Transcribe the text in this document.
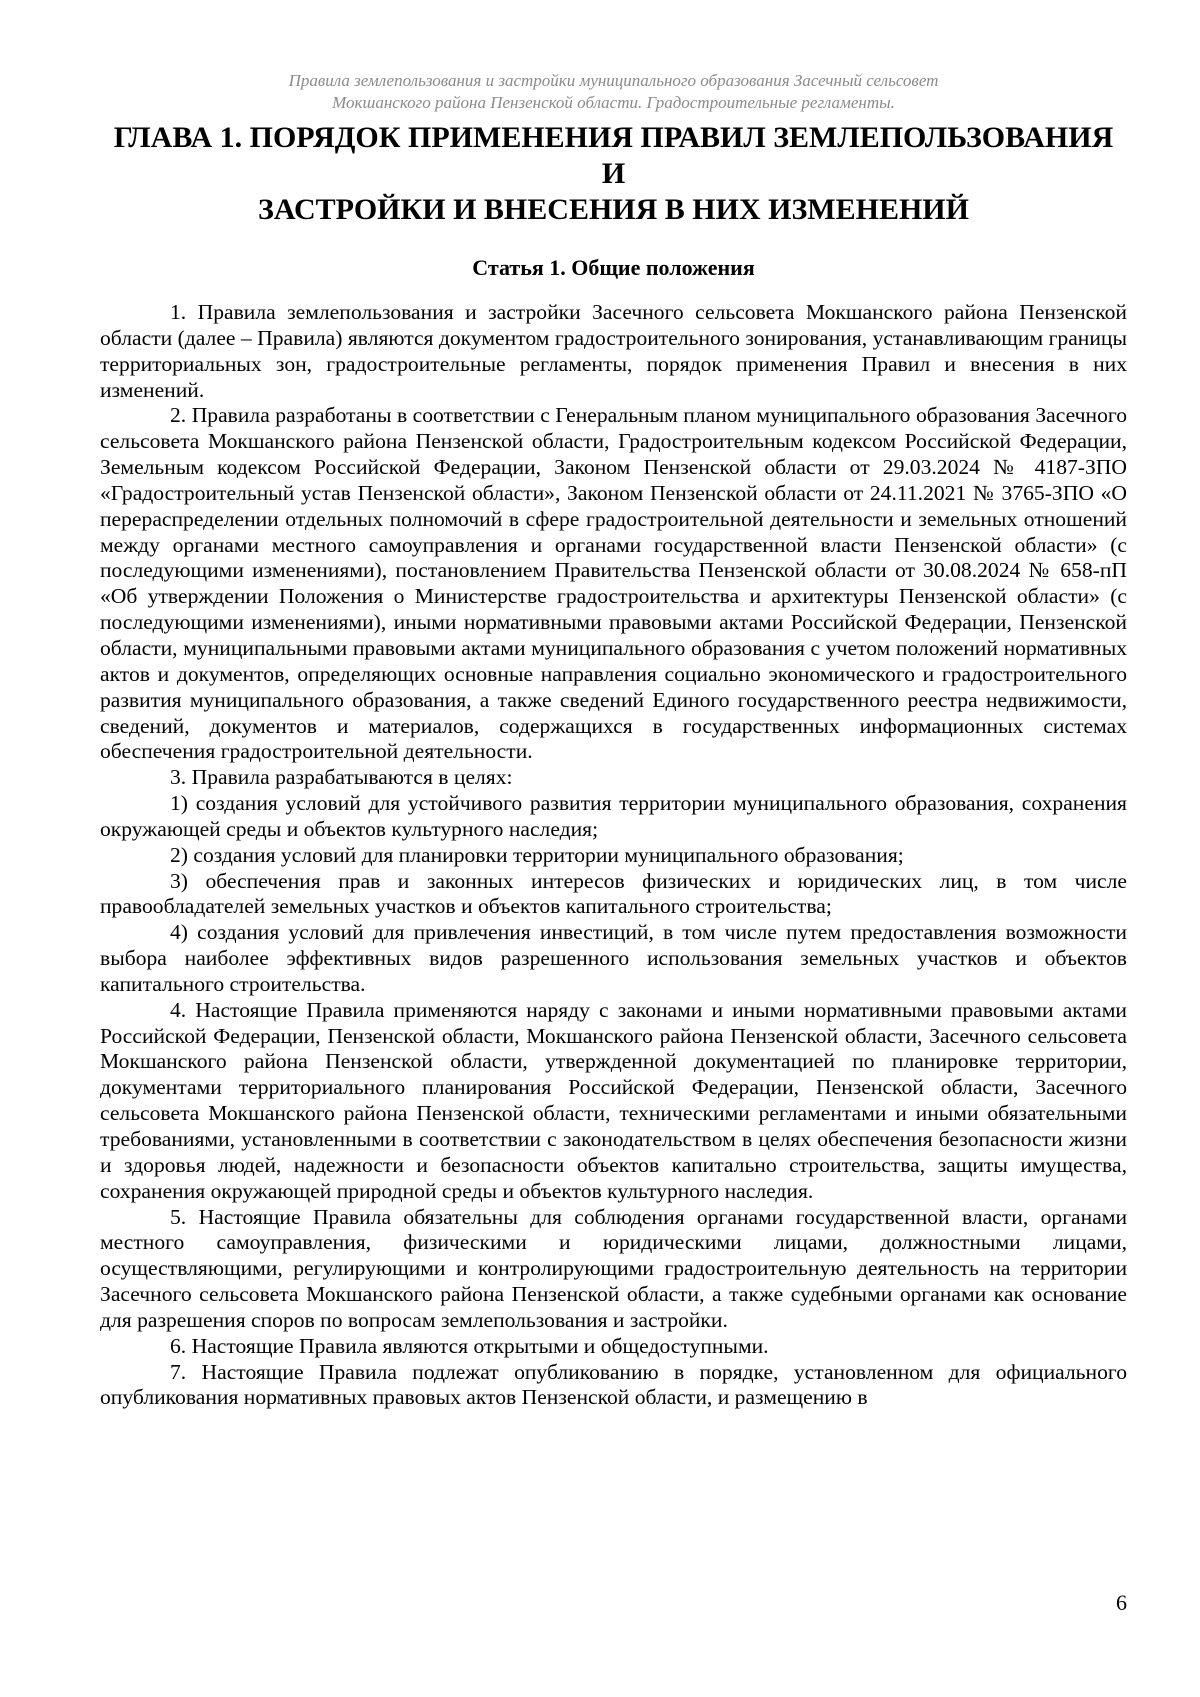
Правила землепользования и застройки муниципального образования Засечный сельсовет

Мокшанского района Пензенской области. Градостроительные регламенты.

ГЛАВА 1. ПОРЯДОК ПРИМЕНЕНИЯ ПРАВИЛ ЗЕМЛЕПОЛЬЗОВАНИЯ И
ЗАСТРОЙКИ И ВНЕСЕНИЯ В НИХ ИЗМЕНЕНИЙ
Статья 1. Общие положения

1. Правила землепользования и застройки Засечного сельсовета Мокшанского района Пензенской области (далее – Правила) являются документом градостроительного зонирования, устанавливающим границы территориальных зон, градостроительные регламенты, порядок применения Правил и внесения в них изменений.

2. Правила разработаны в соответствии с Генеральным планом муниципального образования Засечного сельсовета Мокшанского района Пензенской области, Градостроительным кодексом Российской Федерации, Земельным кодексом Российской Федерации, Законом Пензенской области от 29.03.2024 № 4187-ЗПО «Градостроительный устав Пензенской области», Законом Пензенской области от 24.11.2021 № 3765-ЗПО «О перераспределении отдельных полномочий в сфере градостроительной деятельности и земельных отношений между органами местного самоуправления и органами государственной власти Пензенской области» (с последующими изменениями), постановлением Правительства Пензенской области от 30.08.2024 № 658-пП «Об утверждении Положения о Министерстве градостроительства и архитектуры Пензенской области» (с последующими изменениями), иными нормативными правовыми актами Российской Федерации, Пензенской области, муниципальными правовыми актами муниципального образования с учетом положений нормативных актов и документов, определяющих основные направления социально экономического и градостроительного развития муниципального образования, а также сведений Единого государственного реестра недвижимости, сведений, документов и материалов, содержащихся в государственных информационных системах обеспечения градостроительной деятельности.

3. Правила разрабатываются в целях:

1) создания условий для устойчивого развития территории муниципального образования, сохранения окружающей среды и объектов культурного наследия;

2) создания условий для планировки территории муниципального образования;

3) обеспечения прав и законных интересов физических и юридических лиц, в том числе правообладателей земельных участков и объектов капитального строительства;

4) создания условий для привлечения инвестиций, в том числе путем предоставления возможности выбора наиболее эффективных видов разрешенного использования земельных участков и объектов капитального строительства.

4. Настоящие Правила применяются наряду с законами и иными нормативными правовыми актами Российской Федерации, Пензенской области, Мокшанского района Пензенской области, Засечного сельсовета Мокшанского района Пензенской области, утвержденной документацией по планировке территории, документами территориального планирования Российской Федерации, Пензенской области, Засечного сельсовета Мокшанского района Пензенской области, техническими регламентами и иными обязательными требованиями, установленными в соответствии с законодательством в целях обеспечения безопасности жизни и здоровья людей, надежности и безопасности объектов капитально строительства, защиты имущества, сохранения окружающей природной среды и объектов культурного наследия.

5. Настоящие Правила обязательны для соблюдения органами государственной власти, органами местного самоуправления, физическими и юридическими лицами, должностными лицами, осуществляющими, регулирующими и контролирующими градостроительную деятельность на территории Засечного сельсовета Мокшанского района Пензенской области, а также судебными органами как основание для разрешения споров по вопросам землепользования и застройки.

6. Настоящие Правила являются открытыми и общедоступными.

7. Настоящие Правила подлежат опубликованию в порядке, установленном для официального опубликования нормативных правовых актов Пензенской области, и размещению в

6
